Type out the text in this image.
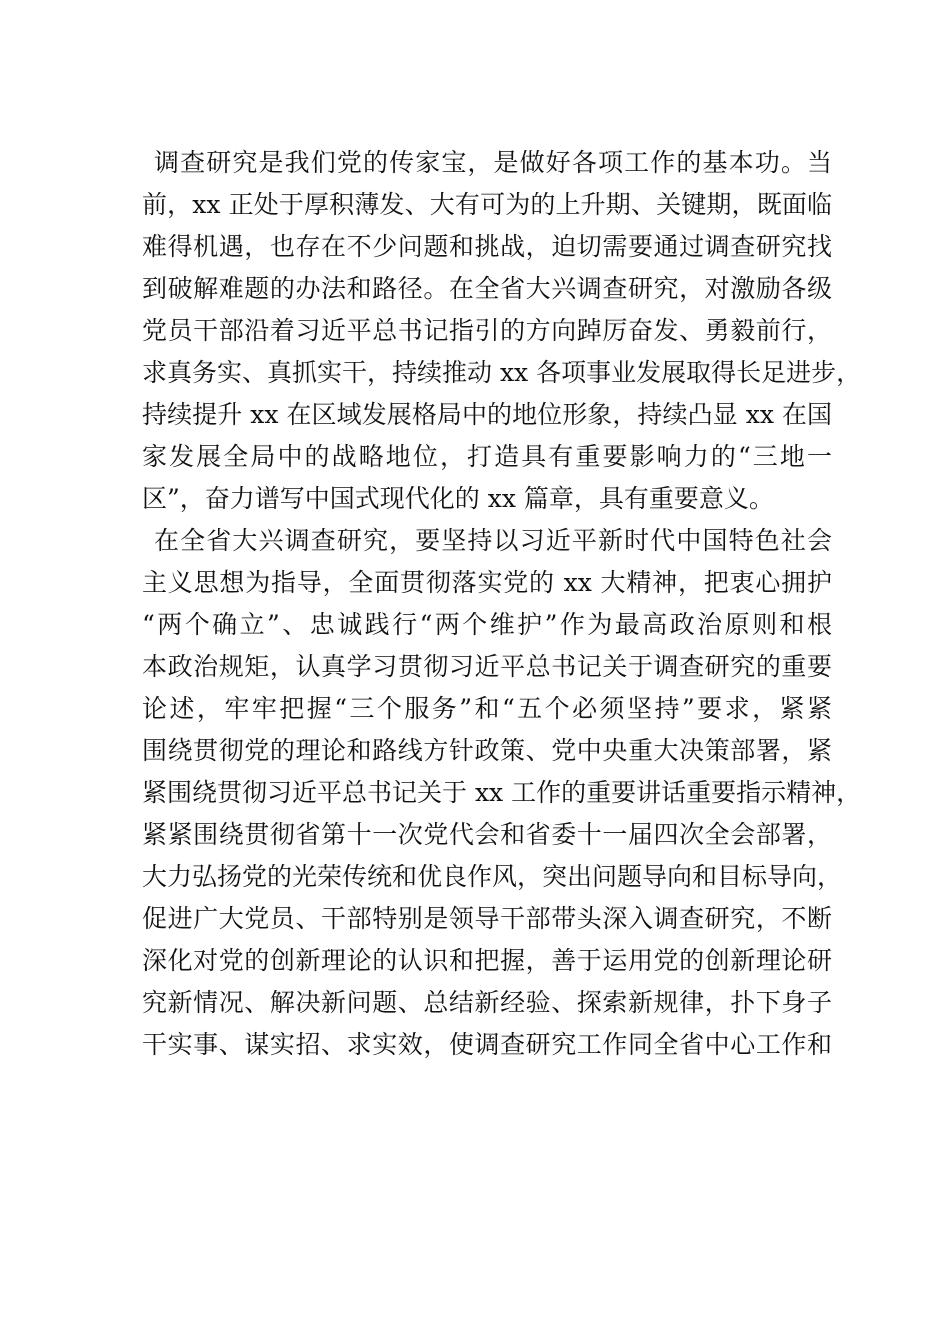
调查研究是我们党的传家宝，是做好各项工作的基本功。当
前，xx 正处于厚积薄发、大有可为的上升期、关键期，既面临
难得机遇，也存在不少问题和挑战，迫切需要通过调查研究找
到破解难题的办法和路径。在全省大兴调查研究，对激励各级
党员干部沿着习近平总书记指引的方向踔厉奋发、勇毅前行，
求真务实、真抓实干，持续推动 xx 各项事业发展取得长足进步，
持续提升 xx 在区域发展格局中的地位形象，持续凸显 xx 在国
家发展全局中的战略地位，打造具有重要影响力的“三地一
区”，奋力谱写中国式现代化的 xx 篇章，具有重要意义。
在全省大兴调查研究，要坚持以习近平新时代中国特色社会
主义思想为指导，全面贯彻落实党的 xx 大精神，把衷心拥护
“两个确立”、忠诚践行“两个维护”作为最高政治原则和根
本政治规矩，认真学习贯彻习近平总书记关于调查研究的重要
论述，牢牢把握“三个服务”和“五个必须坚持”要求，紧紧
围绕贯彻党的理论和路线方针政策、党中央重大决策部署，紧
紧围绕贯彻习近平总书记关于 xx 工作的重要讲话重要指示精神，
紧紧围绕贯彻省第十一次党代会和省委十一届四次全会部署，
大力弘扬党的光荣传统和优良作风，突出问题导向和目标导向，
促进广大党员、干部特别是领导干部带头深入调查研究，不断
深化对党的创新理论的认识和把握，善于运用党的创新理论研
究新情况、解决新问题、总结新经验、探索新规律，扑下身子
干实事、谋实招、求实效，使调查研究工作同全省中心工作和
